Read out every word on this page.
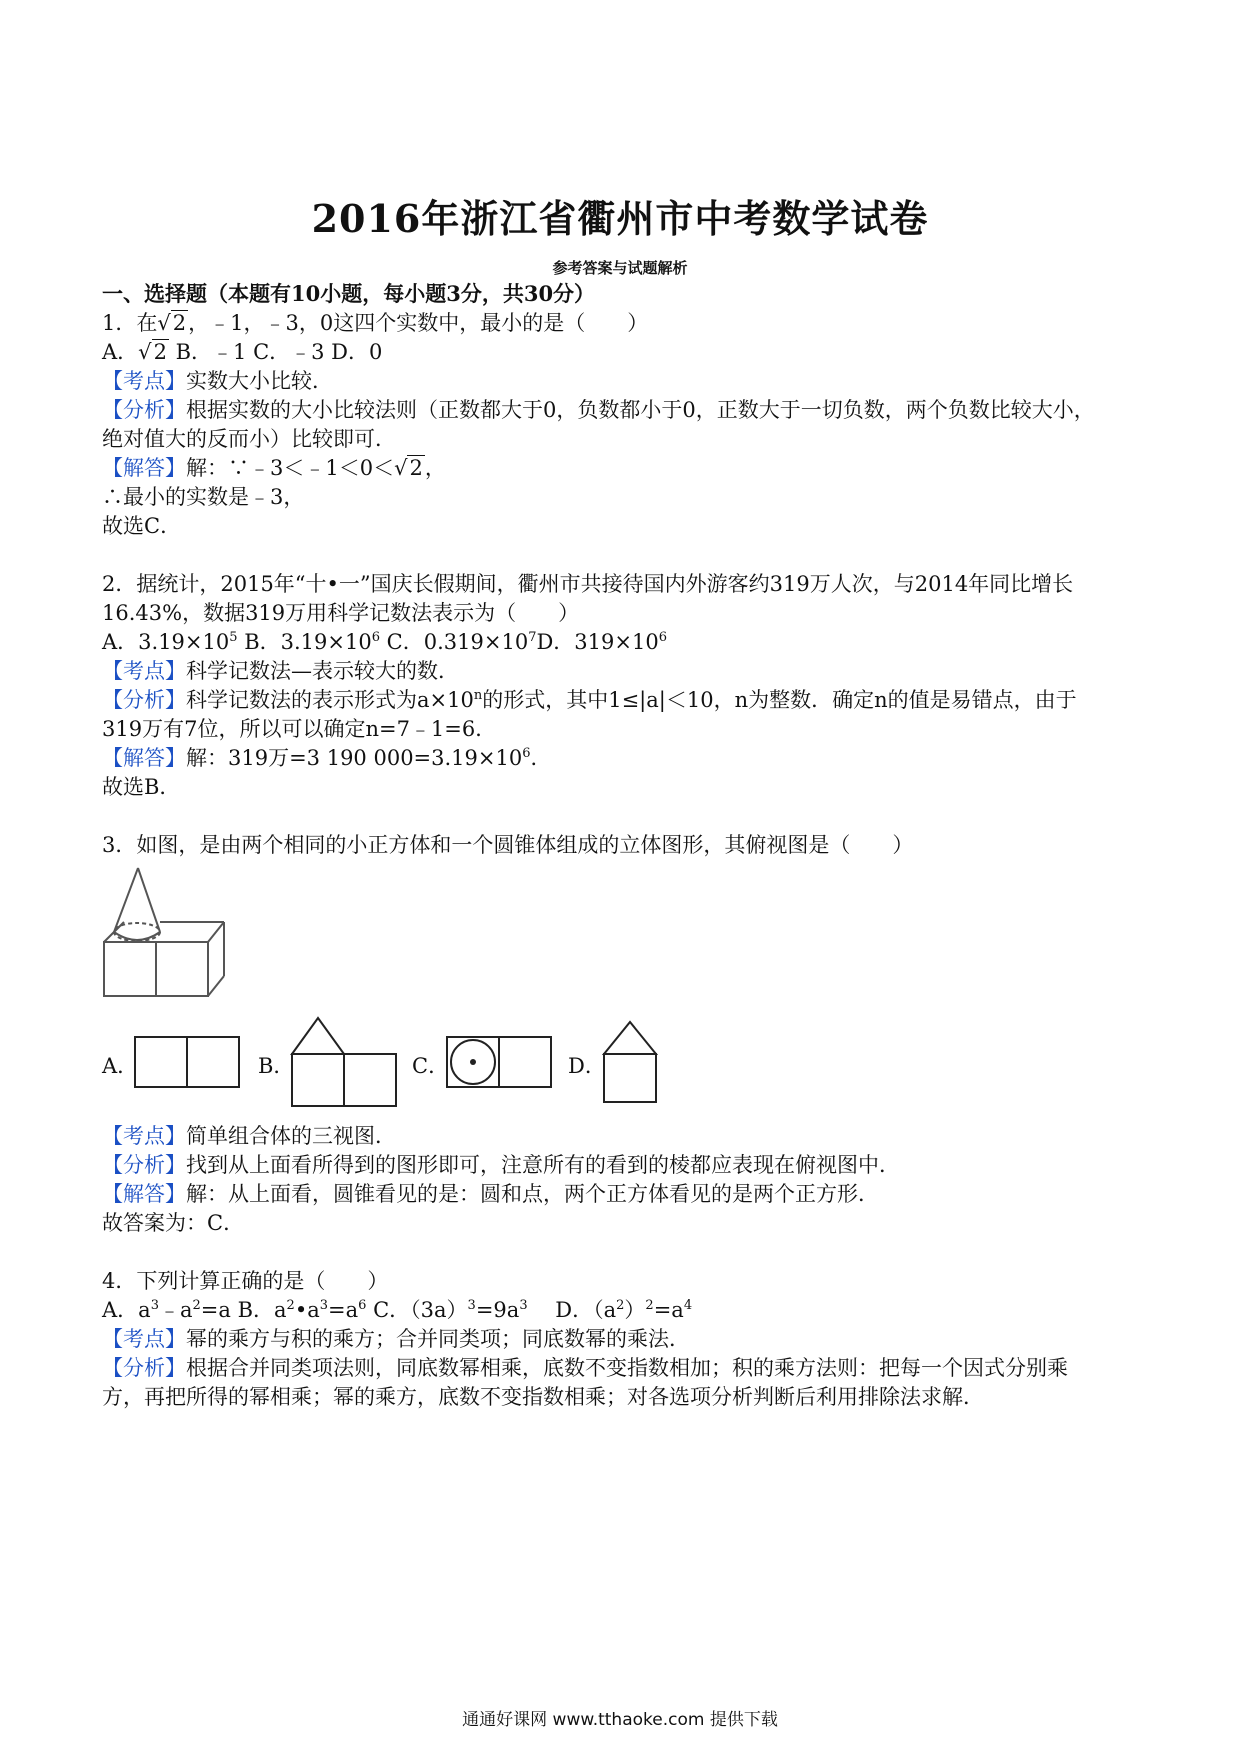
2016年浙江省衢州市中考数学试卷
参考答案与试题解析
一、选择题（本题有10小题，每小题3分，共30分）
1．在√2，﹣1，﹣3，0这四个实数中，最小的是（　　）
A．√2 B．﹣1 C．﹣3 D．0
【考点】实数大小比较．
【分析】根据实数的大小比较法则（正数都大于0，负数都小于0，正数大于一切负数，两个负数比较大小，
绝对值大的反而小）比较即可．
【解答】解：∵﹣3＜﹣1＜0＜√2，
∴最小的实数是﹣3，
故选C．
2．据统计，2015年“十•一”国庆长假期间，衢州市共接待国内外游客约319万人次，与2014年同比增长
16.43%，数据319万用科学记数法表示为（　　）
A．$3.19\times 10^5$ B．$3.19\times 10^6$ C．$0.319\times 10^7D$．$319\times 10^6$
【考点】科学记数法—表示较大的数．
【分析】科学记数法的表示形式为$a\times 10^n$的形式，其中1≤|a|＜10，n为整数．确定n的值是易错点，由于
319万有7位，所以可以确定n=7﹣1=6．
【解答】解：319万=3 190 $000=3.19\times 10^6$．
故选B．
3．如图，是由两个相同的小正方体和一个圆锥体组成的立体图形，其俯视图是（　　）
A．	B．	C．	D．
【考点】简单组合体的三视图．
【分析】找到从上面看所得到的图形即可，注意所有的看到的棱都应表现在俯视图中．
【解答】解：从上面看，圆锥看见的是：圆和点，两个正方体看见的是两个正方形．
故答案为：C．
4．下列计算正确的是（　　）
A．$a^3﹣a^2=a$ B．$a^2•a^3=a^6$ C．$(3a)^3=9a^3$　 D．$(a^2)^2=a^4$
【考点】幂的乘方与积的乘方；合并同类项；同底数幂的乘法．
【分析】根据合并同类项法则，同底数幂相乘，底数不变指数相加；积的乘方法则：把每一个因式分别乘
方，再把所得的幂相乘；幂的乘方，底数不变指数相乘；对各选项分析判断后利用排除法求解．
通通好课网 www.tthaoke.com 提供下载
